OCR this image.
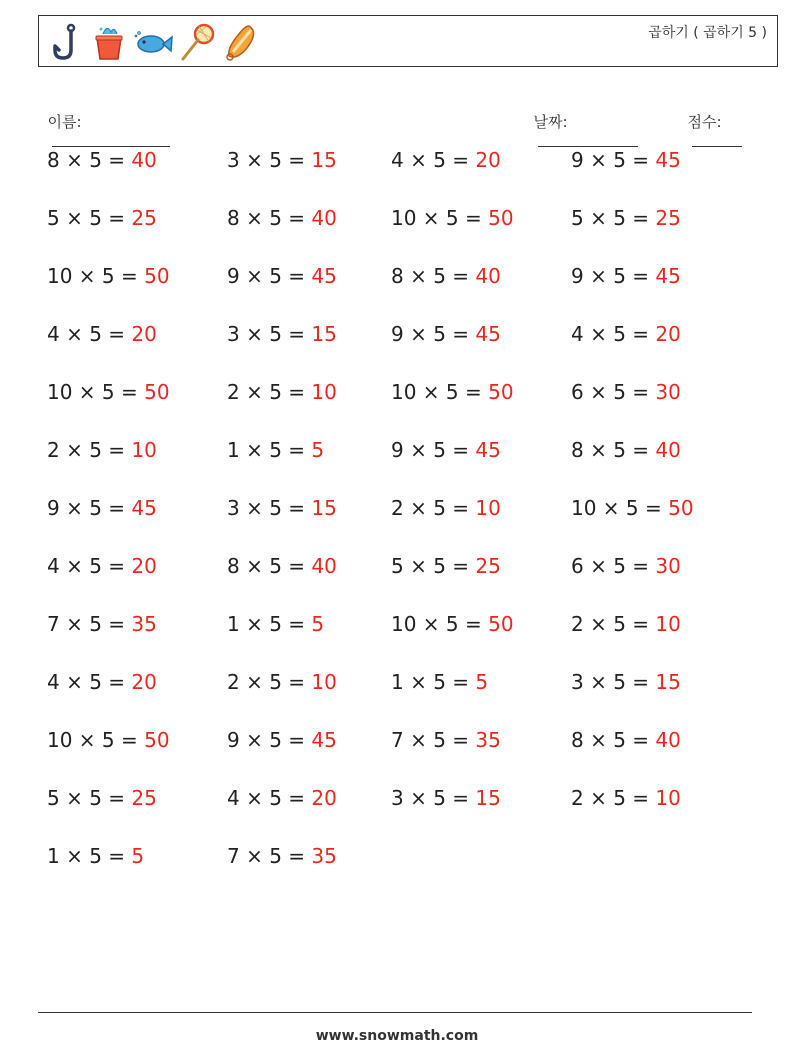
곱하기 ( 곱하기 5 )

이름:
	날짜:
	점수:

8 × 5 = 40
5 × 5 = 25
10 × 5 = 50
4 × 5 = 20
10 × 5 = 50
2 × 5 = 10
9 × 5 = 45
4 × 5 = 20
7 × 5 = 35
4 × 5 = 20
10 × 5 = 50
5 × 5 = 25
1 × 5 = 5
3 × 5 = 15
8 × 5 = 40
9 × 5 = 45
3 × 5 = 15
2 × 5 = 10
1 × 5 = 5
3 × 5 = 15
8 × 5 = 40
1 × 5 = 5
2 × 5 = 10
9 × 5 = 45
4 × 5 = 20
7 × 5 = 35
4 × 5 = 20
10 × 5 = 50
8 × 5 = 40
9 × 5 = 45
10 × 5 = 50
9 × 5 = 45
2 × 5 = 10
5 × 5 = 25
10 × 5 = 50
1 × 5 = 5
7 × 5 = 35
3 × 5 = 15
9 × 5 = 45
5 × 5 = 25
9 × 5 = 45
4 × 5 = 20
6 × 5 = 30
8 × 5 = 40
10 × 5 = 50
6 × 5 = 30
2 × 5 = 10
3 × 5 = 15
8 × 5 = 40
2 × 5 = 10
www.snowmath.com
